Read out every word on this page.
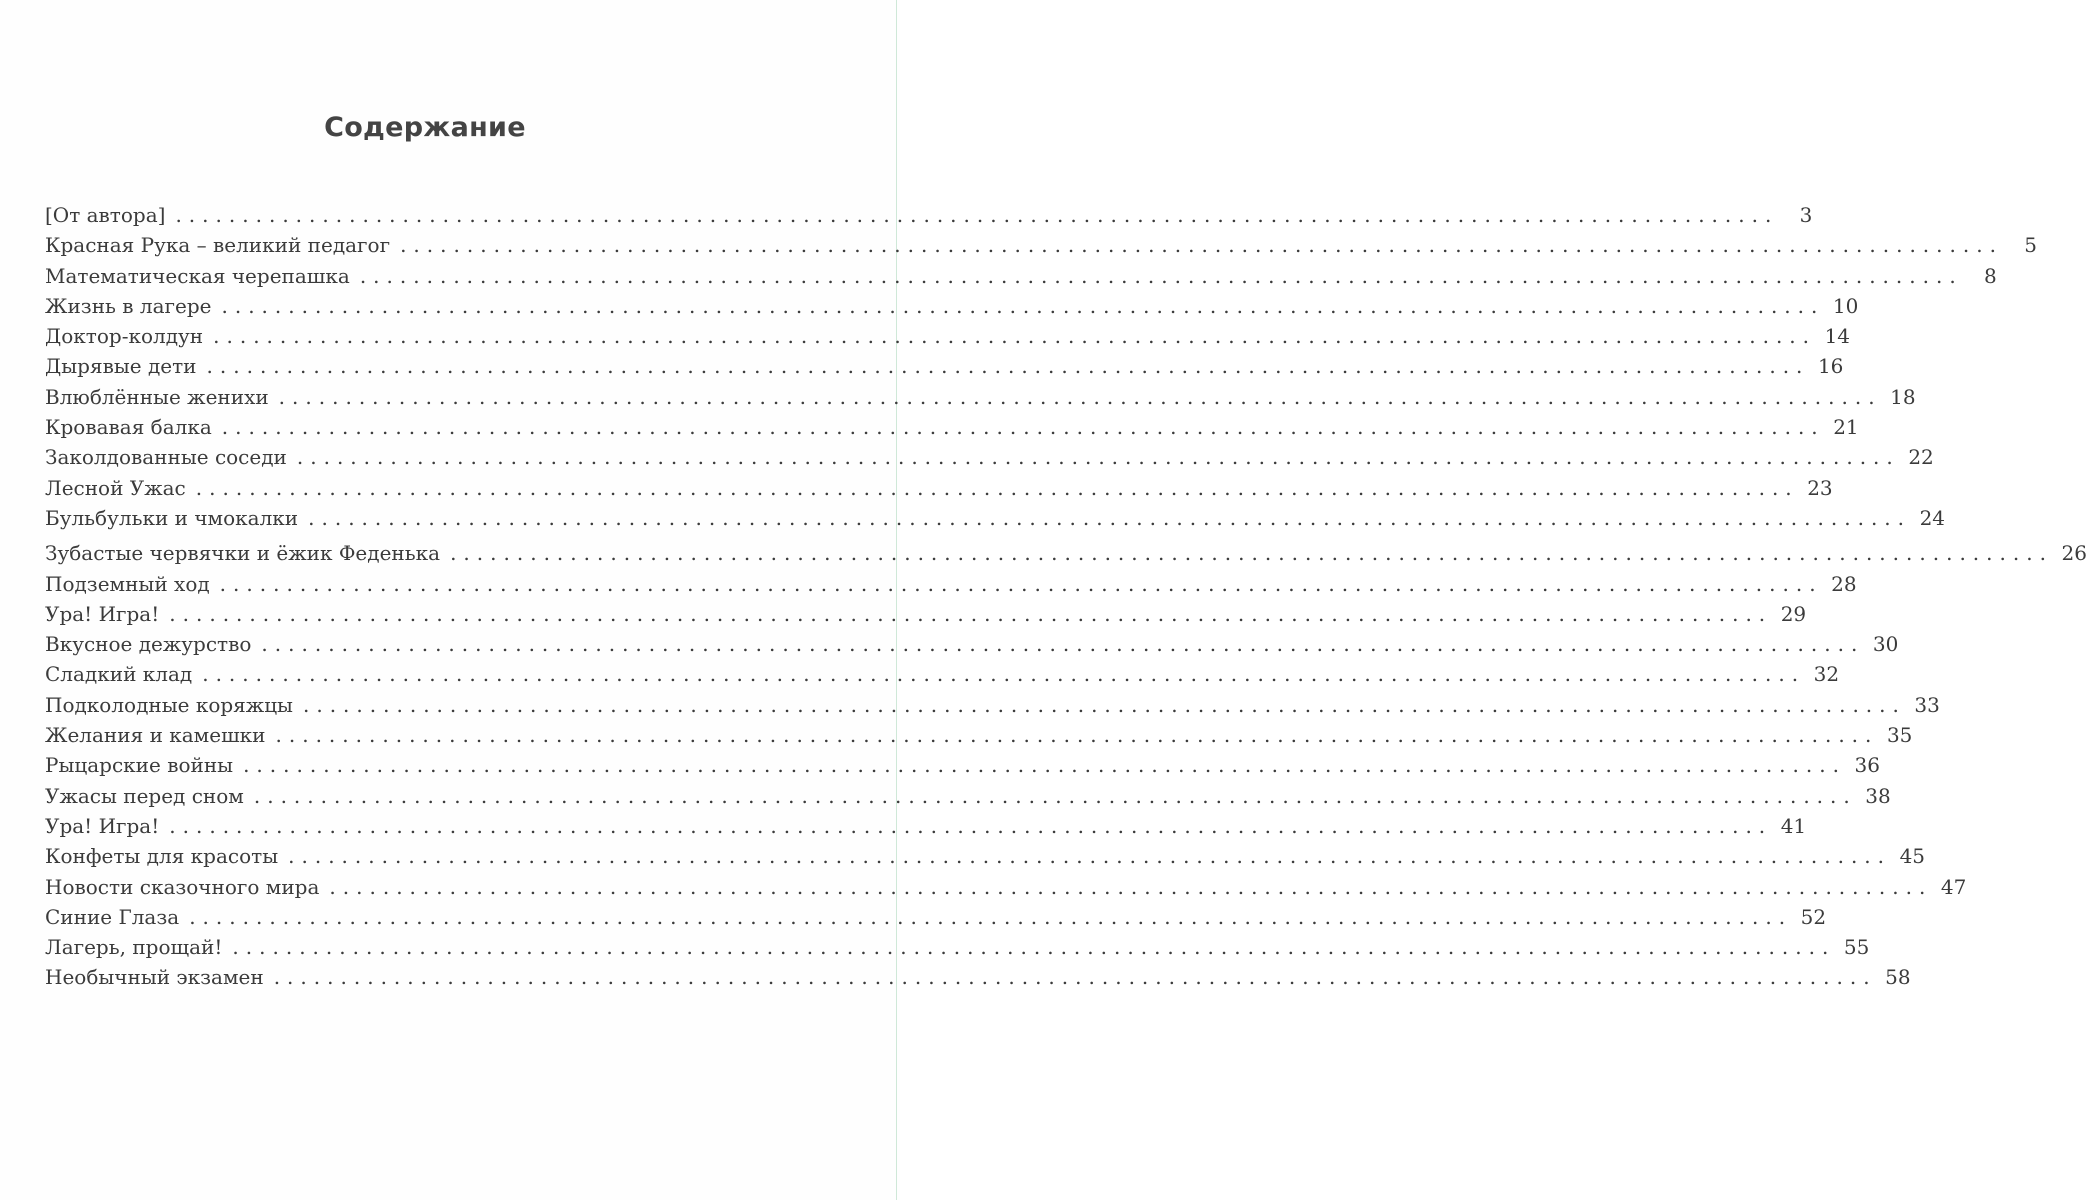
Содержание
[От автора] ........................................................................................................................	3
Красная Рука – великий педагог ........................................................................................................................	5
Математическая черепашка ........................................................................................................................	8
Жизнь в лагере ........................................................................................................................ 10
Доктор-колдун ........................................................................................................................ 14
Дырявые дети ........................................................................................................................ 16
Влюблённые женихи ........................................................................................................................ 18
Кровавая балка ........................................................................................................................ 21
Заколдованные соседи ........................................................................................................................ 22
Лесной Ужас ........................................................................................................................ 23
Бульбульки и чмокалки ........................................................................................................................ 24
Зубастые червячки и ёжик Феденька ........................................................................................................................ 26
Подземный ход ........................................................................................................................ 28
Ура! Игра! ........................................................................................................................ 29
Вкусное дежурство ........................................................................................................................ 30
Сладкий клад ........................................................................................................................ 32
Подколодные коряжцы ........................................................................................................................ 33
Желания и камешки ........................................................................................................................ 35
Рыцарские войны ........................................................................................................................ 36
Ужасы перед сном ........................................................................................................................ 38
Ура! Игра! ........................................................................................................................ 41
Конфеты для красоты ........................................................................................................................ 45
Новости сказочного мира ........................................................................................................................ 47
Синие Глаза ........................................................................................................................ 52
Лагерь, прощай! ........................................................................................................................ 55
Необычный экзамен ........................................................................................................................ 58
